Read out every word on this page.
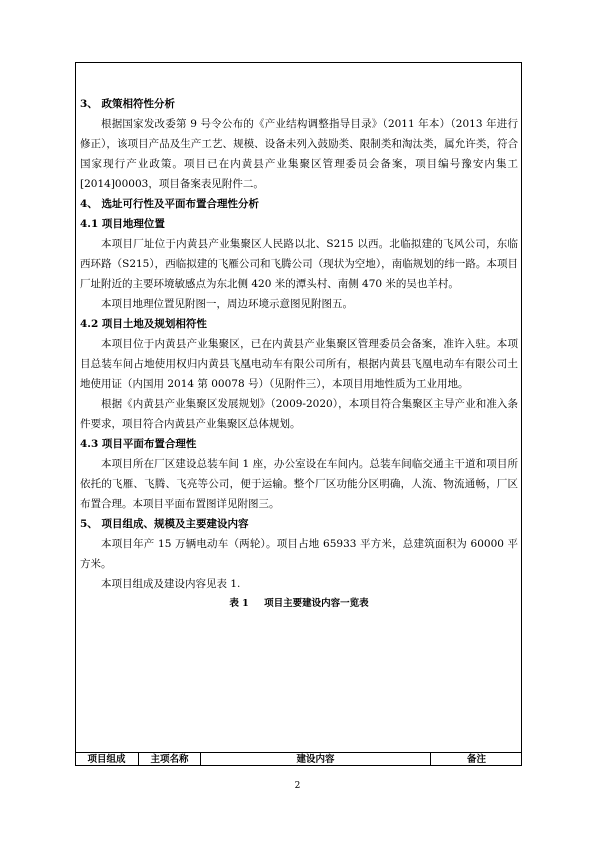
3、 政策相符性分析

根据国家发改委第 9 号令公布的《产业结构调整指导目录》（2011 年本）（2013 年进行修正），该项目产品及生产工艺、规模、设备未列入鼓励类、限制类和淘汰类，属允许类，符合国家现行产业政策。项目已在内黄县产业集聚区管理委员会备案，项目编号豫安内集工[2014]00003，项目备案表见附件二。

4、 选址可行性及平面布置合理性分析
4.1 项目地理位置

本项目厂址位于内黄县产业集聚区人民路以北、S215 以西。北临拟建的飞风公司，东临西环路（S215），西临拟建的飞雁公司和飞腾公司（现状为空地），南临规划的纬一路。本项目厂址附近的主要环境敏感点为东北侧 420 米的潭头村、南侧 470 米的吴也羊村。

本项目地理位置见附图一，周边环境示意图见附图五。

4.2 项目土地及规划相符性

本项目位于内黄县产业集聚区，已在内黄县产业集聚区管理委员会备案，准许入驻。本项目总装车间占地使用权归内黄县飞凰电动车有限公司所有，根据内黄县飞凰电动车有限公司土地使用证（内国用 2014 第 00078 号）（见附件三），本项目用地性质为工业用地。

根据《内黄县产业集聚区发展规划》（2009-2020），本项目符合集聚区主导产业和准入条件要求，项目符合内黄县产业集聚区总体规划。

4.3 项目平面布置合理性

本项目所在厂区建设总装车间 1 座，办公室设在车间内。总装车间临交通主干道和项目所依托的飞雁、飞腾、飞亮等公司，便于运输。整个厂区功能分区明确，人流、物流通畅，厂区布置合理。本项目平面布置图详见附图三。

5、 项目组成、规模及主要建设内容

本项目年产 15 万辆电动车（两轮）。项目占地 65933 平方米，总建筑面积为 60000 平方米。

本项目组成及建设内容见表 1.

表 1 项目主要建设内容一览表
项目组成	主项名称	建设内容	备注
2
